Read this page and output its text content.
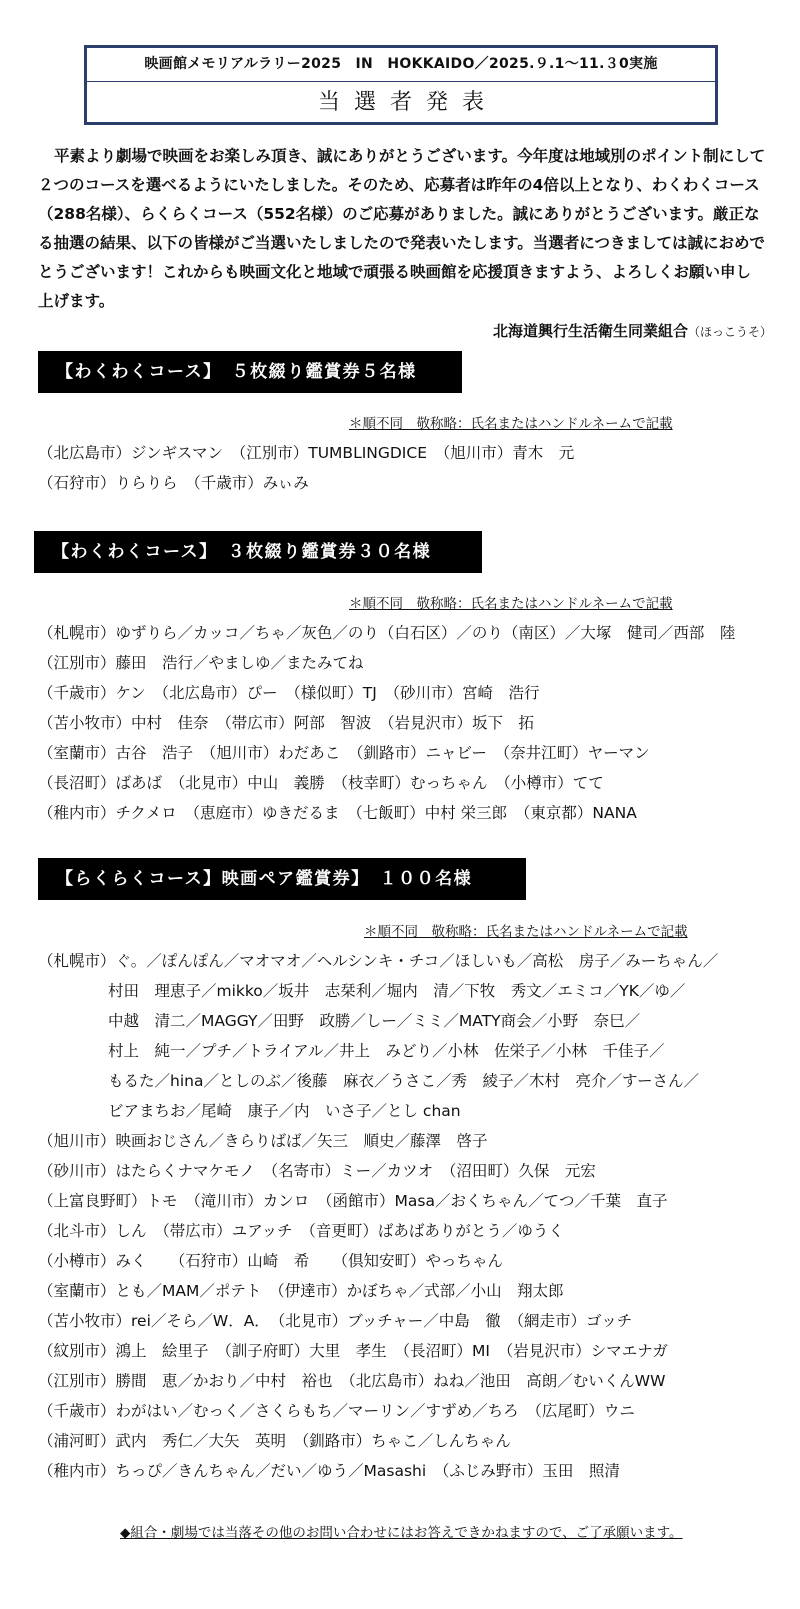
映画館メモリアルラリー2025　IN　HOKKAIDO／2025.９.1〜11.３0実施
当選者発表

平素より劇場で映画をお楽しみ頂き、誠にありがとうございます。今年度は地域別のポイント制にして２つのコースを選べるようにいたしました。そのため、応募者は昨年の4倍以上となり、わくわくコース（288名様）、らくらくコース（552名様）のご応募がありました。誠にありがとうございます。厳正なる抽選の結果、以下の皆様がご当選いたしましたので発表いたします。当選者につきましては誠におめでとうございます！これからも映画文化と地域で頑張る映画館を応援頂きますよう、よろしくお願い申し上げます。

北海道興行生活衛生同業組合（ほっこうそ）
【わくわくコース】　５枚綴り鑑賞券５名様
＊順不同　敬称略：氏名またはハンドルネームで記載
（北広島市）ジンギスマン　（江別市）TUMBLINGDICE　（旭川市）青木　元
（石狩市）りらりら　（千歳市）みぃみ
【わくわくコース】　３枚綴り鑑賞券３０名様
＊順不同　敬称略：氏名またはハンドルネームで記載
（札幌市）ゆずりら／カッコ／ちゃ／灰色／のり（白石区）／のり（南区）／大塚　健司／西部　陸
（江別市）藤田　浩行／やましゆ／またみてね
（千歳市）ケン　（北広島市）ぴー　（様似町）TJ　（砂川市）宮崎　浩行
（苫小牧市）中村　佳奈　（帯広市）阿部　智波　（岩見沢市）坂下　拓
（室蘭市）古谷　浩子　（旭川市）わだあこ　（釧路市）ニャビー　（奈井江町）ヤーマン
（長沼町）ばあば　（北見市）中山　義勝　（枝幸町）むっちゃん　（小樽市）てて
（稚内市）チクメロ　（恵庭市）ゆきだるま　（七飯町）中村 栄三郎　（東京都）NANA
【らくらくコース】映画ペア鑑賞券】　１００名様
＊順不同　敬称略：氏名またはハンドルネームで記載
（札幌市）ぐ。／ぽんぽん／マオマオ／ヘルシンキ・チコ／ほしいも／高松　房子／みーちゃん／
村田　理恵子／mikko／坂井　志栞利／堀内　清／下牧　秀文／エミコ／YK／ゆ／
中越　清二／MAGGY／田野　政勝／しー／ミミ／MATY商会／小野　奈巳／
村上　純一／プチ／トライアル／井上　みどり／小林　佐栄子／小林　千佳子／
もるた／hina／としのぶ／後藤　麻衣／うさこ／秀　綾子／木村　亮介／すーさん／
ビアまちお／尾崎　康子／内　いさ子／とし chan
（旭川市）映画おじさん／きらりばば／矢三　順史／藤澤　啓子
（砂川市）はたらくナマケモノ　（名寄市）ミー／カツオ　（沼田町）久保　元宏
（上富良野町）トモ　（滝川市）カンロ　（函館市）Masa／おくちゃん／てつ／千葉　直子
（北斗市）しん　（帯広市）ユアッチ　（音更町）ばあばありがとう／ゆうく
（小樽市）みく　　（石狩市）山崎　希　　（倶知安町）やっちゃん
（室蘭市）とも／MAM／ポテト　（伊達市）かぼちゃ／式部／小山　翔太郎
（苫小牧市）rei／そら／W．A．　（北見市）ブッチャー／中島　徹　（網走市）ゴッチ
（紋別市）鴻上　絵里子　（訓子府町）大里　孝生　（長沼町）MI　（岩見沢市）シマエナガ
（江別市）勝間　恵／かおり／中村　裕也　（北広島市）ねね／池田　高朗／むいくんWW
（千歳市）わがはい／むっく／さくらもち／マーリン／すずめ／ちろ　（広尾町）ウニ
（浦河町）武内　秀仁／大矢　英明　（釧路市）ちゃこ／しんちゃん
（稚内市）ちっぴ／きんちゃん／だい／ゆう／Masashi　（ふじみ野市）玉田　照清
◆組合・劇場では当落その他のお問い合わせにはお答えできかねますので、ご了承願います。
